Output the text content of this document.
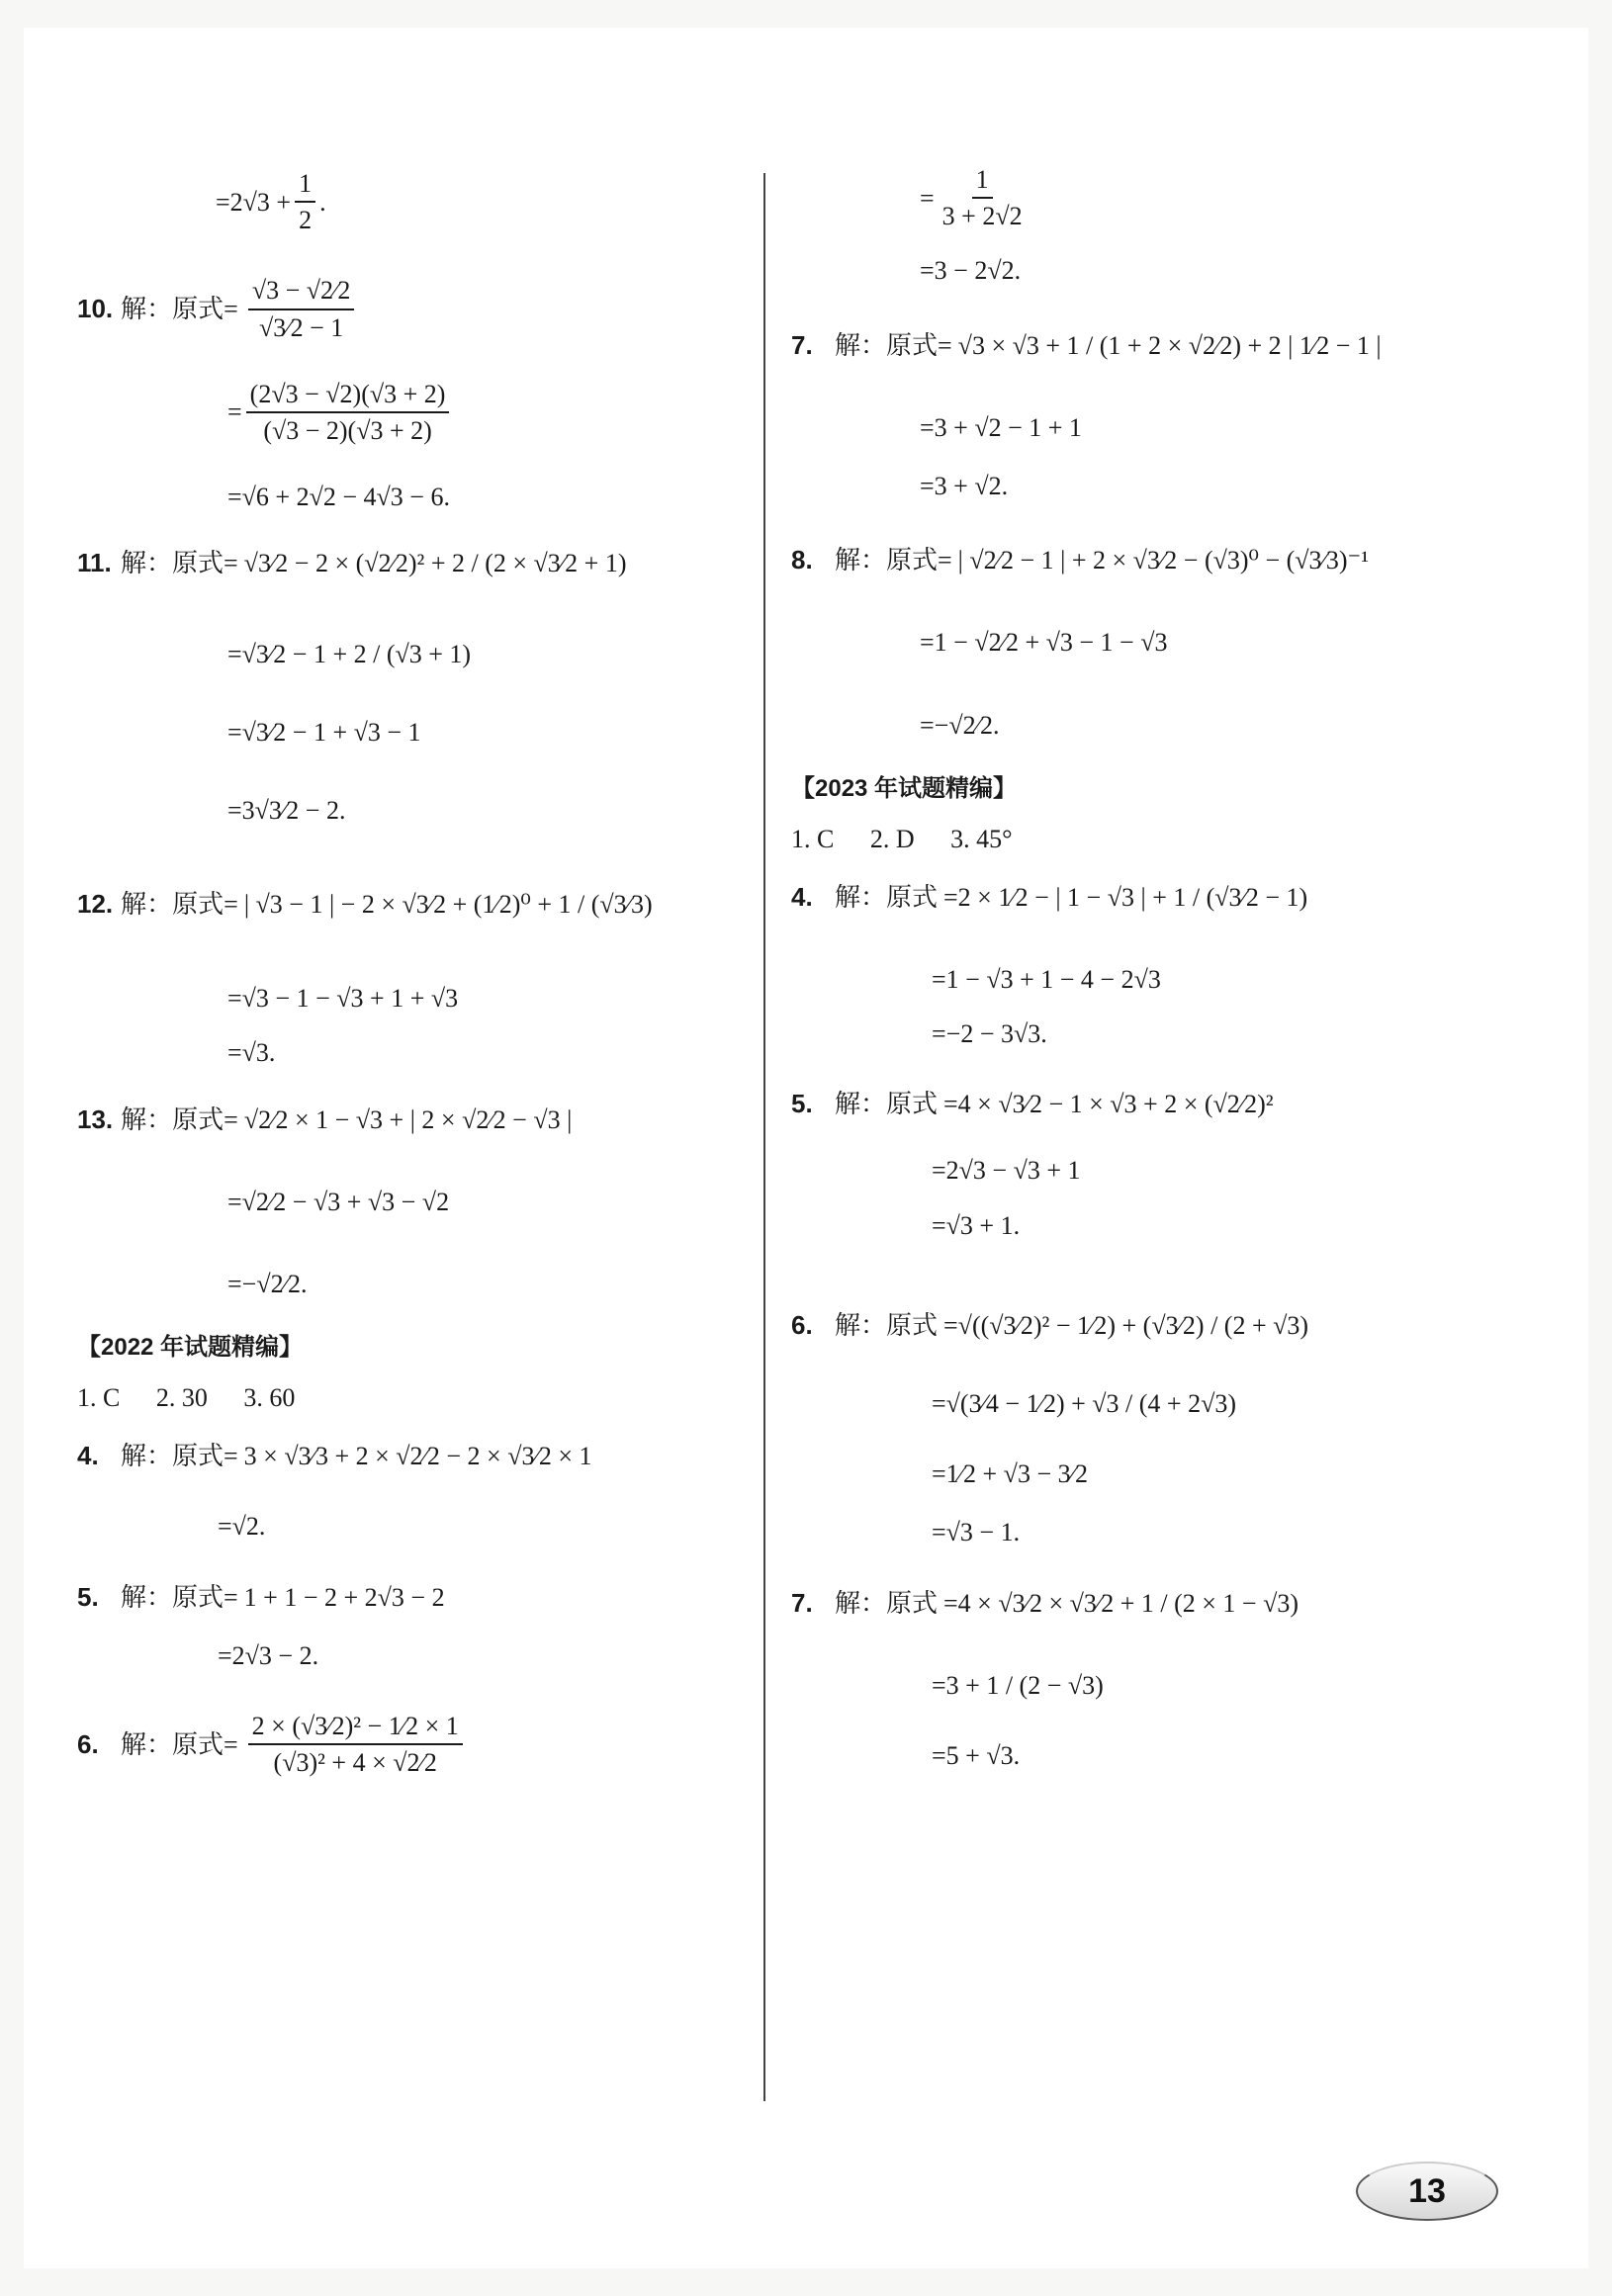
$=2√3 + \frac{1}{2}$ .
10. 解：原式= $\frac{√3 - √2⁄2}{√3⁄2 - 1}$
= $\frac{(2√3 - √2)(√3 + 2)}{(√3 - 2)(√3 + 2)}$
=√6 + 2√2 − 4√3 − 6.
11. 解：原式= √3⁄2 − 2 × (√2⁄2)² + 2 / (2 × √3⁄2 + 1)
=√3⁄2 − 1 + 2 / (√3 + 1)
=√3⁄2 − 1 + √3 − 1
=3√3⁄2 − 2.
12. 解：原式= | √3 − 1 | − 2 × √3⁄2 + (1⁄2)⁰ + 1 / (√3⁄3)
=√3 − 1 − √3 + 1 + √3
=√3.
13. 解：原式= √2⁄2 × 1 − √3 + | 2 × √2⁄2 − √3 |
=√2⁄2 − √3 + √3 − √2
=−√2⁄2.
【2022 年试题精编】
1. C 2. 30 3. 60
4. 解：原式= 3 × √3⁄3 + 2 × √2⁄2 − 2 × √3⁄2 × 1
=√2.
5. 解：原式= 1 + 1 − 2 + 2√3 − 2
=2√3 − 2.
6. 解：原式= $\frac{\text{2 × (√3⁄2)² − 1⁄2 × 1}}{\text{(√3)² + 4 × √2⁄2}}$
= $\frac{1}{3 + 2√2}$
=3 − 2√2.
7. 解：原式= √3 × √3 + 1 / (1 + 2 × √2⁄2) + 2 | 1⁄2 − 1 |
=3 + √2 − 1 + 1
=3 + √2.
8. 解：原式= | √2⁄2 − 1 | + 2 × √3⁄2 − (√3)⁰ − (√3⁄3)⁻¹
=1 − √2⁄2 + √3 − 1 − √3
=−√2⁄2.
【2023 年试题精编】
1. C 2. D 3. 45°
4. 解：原式 =2 × 1⁄2 − | 1 − √3 | + 1 / (√3⁄2 − 1)
=1 − √3 + 1 − 4 − 2√3
=−2 − 3√3.
5. 解：原式 =4 × √3⁄2 − 1 × √3 + 2 × (√2⁄2)²
=2√3 − √3 + 1
=√3 + 1.
6. 解：原式 =√((√3⁄2)² − 1⁄2) + (√3⁄2) / (2 + √3)
=√(3⁄4 − 1⁄2) + √3 / (4 + 2√3)
=1⁄2 + √3 − 3⁄2
=√3 − 1.
7. 解：原式 =4 × √3⁄2 × √3⁄2 + 1 / (2 × 1 − √3)
=3 + 1 / (2 − √3)
=5 + √3.
13
